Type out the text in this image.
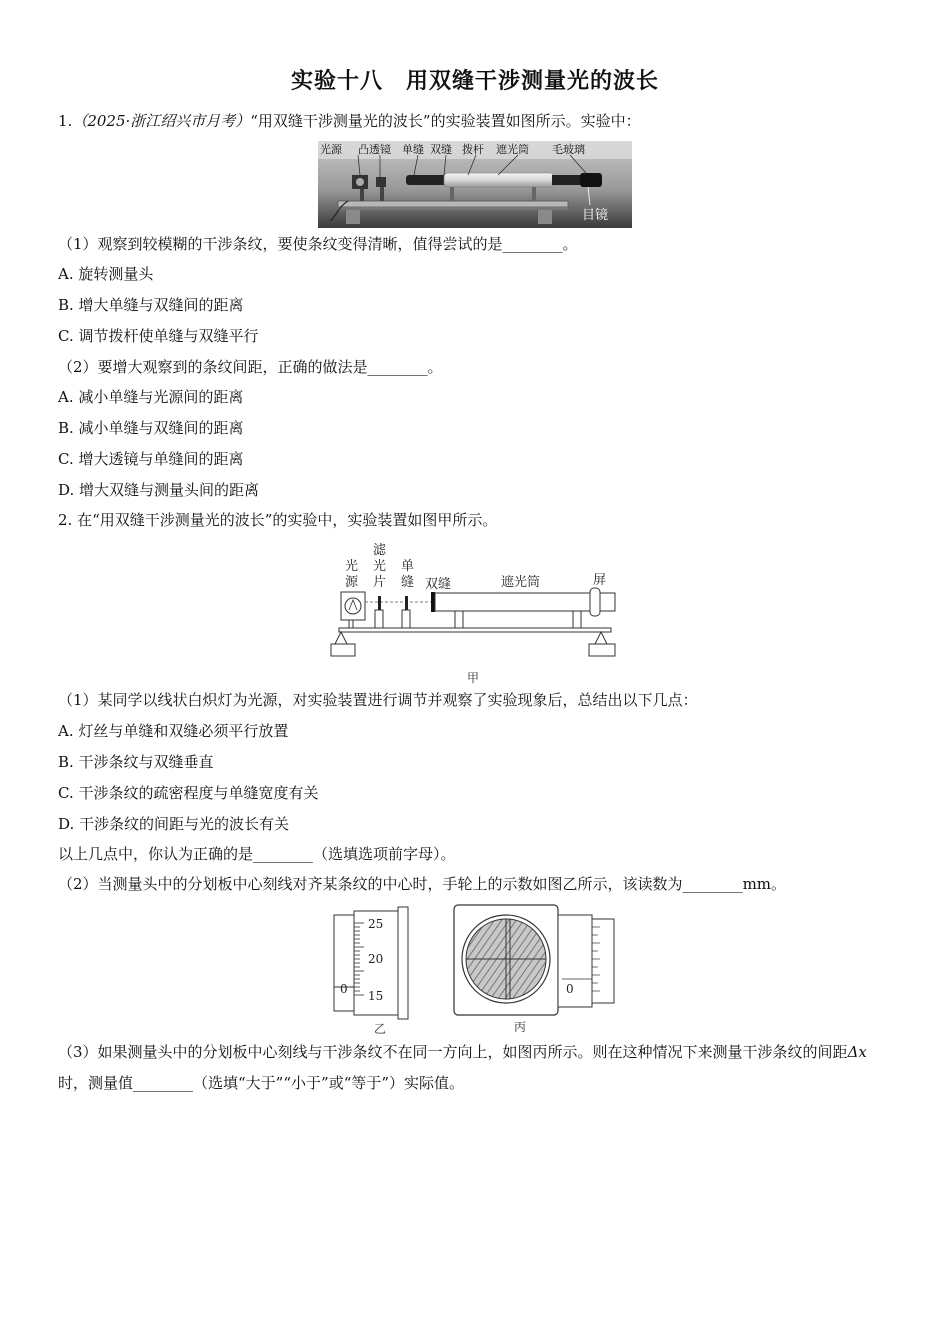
实验十八　用双缝干涉测量光的波长
1.（2025·浙江绍兴市月考）“用双缝干涉测量光的波长”的实验装置如图所示。实验中：
光源 凸透镜 单缝 双缝 拨杆 遮光筒 毛玻璃
目镜
（1）观察到较模糊的干涉条纹，要使条纹变得清晰，值得尝试的是________。
A. 旋转测量头
B. 增大单缝与双缝间的距离
C. 调节拨杆使单缝与双缝平行
（2）要增大观察到的条纹间距，正确的做法是________。
A. 减小单缝与光源间的距离
B. 减小单缝与双缝间的距离
C. 增大透镜与单缝间的距离
D. 增大双缝与测量头间的距离
2. 在“用双缝干涉测量光的波长”的实验中，实验装置如图甲所示。
光
源
滤
光
片
单
缝 双缝	遮光筒	屏
甲
（1）某同学以线状白炽灯为光源，对实验装置进行调节并观察了实验现象后，总结出以下几点：
A. 灯丝与单缝和双缝必须平行放置
B. 干涉条纹与双缝垂直
C. 干涉条纹的疏密程度与单缝宽度有关
D. 干涉条纹的间距与光的波长有关
以上几点中，你认为正确的是________（选填选项前字母）。
（2）当测量头中的分划板中心刻线对齐某条纹的中心时，手轮上的示数如图乙所示，该读数为________mm。
25
20
15
0
乙
0
丙
（3）如果测量头中的分划板中心刻线与干涉条纹不在同一方向上，如图丙所示。则在这种情况下来测量干涉条纹的间距Δx时，测量值________（选填“大于”“小于”或“等于”）实际值。
